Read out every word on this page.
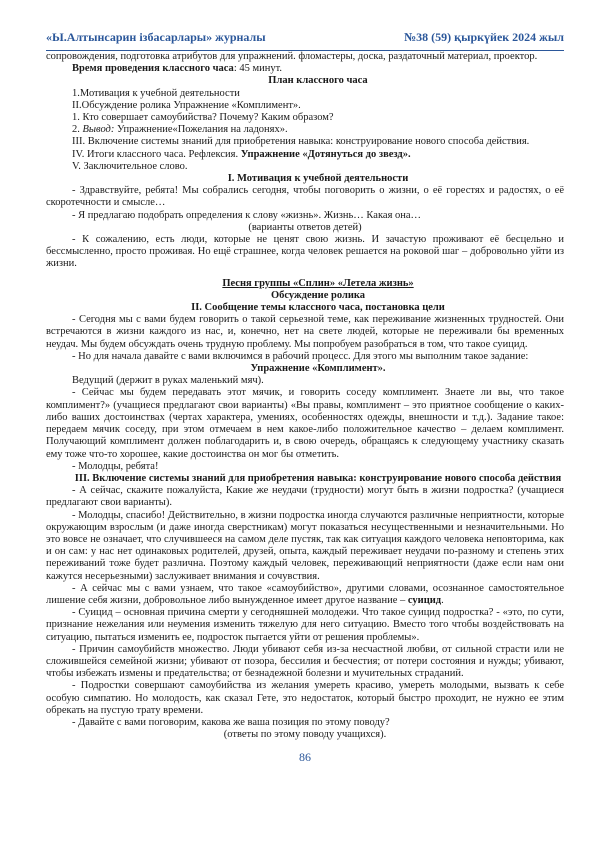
«Ы.Алтынсарин ізбасарлары» журналы	№38 (59) қыркүйек 2024 жыл

сопровождения, подготовка атрибутов для упражнений. фломастеры, доска, раздаточный материал, проектор.

Время проведения классного часа: 45 минут.

План классного часа

1.Мотивация к учебной деятельности

II.Обсуждение ролика Упражнение «Комплимент».

1. Кто совершает самоубийства? Почему? Каким образом?

2. Вывод: Упражнение«Пожелания на ладонях».

III. Включение системы знаний для приобретения навыка: конструирование нового способа действия.

IV. Итоги классного часа. Рефлексия. Упражнение «Дотянуться до звезд».

V. Заключительное слово.

I. Мотивация к учебной деятельности

- Здравствуйте, ребята! Мы собрались сегодня, чтобы поговорить о жизни, о её горестях и радостях, о её скоротечности и смысле…

- Я предлагаю подобрать определения к слову «жизнь». Жизнь… Какая она…

(варианты ответов детей)

- К сожалению, есть люди, которые не ценят свою жизнь. И зачастую проживают её бесцельно и бессмысленно, просто проживая. Но ещё страшнее, когда человек решается на роковой шаг – добровольно уйти из жизни.

Песня группы «Сплин» «Летела жизнь»

Обсуждение ролика

II. Сообщение темы классного часа, постановка цели

- Сегодня мы с вами будем говорить о такой серьезной теме, как переживание жизненных трудностей. Они встречаются в жизни каждого из нас, и, конечно, нет на свете людей, которые не переживали бы временных неудач. Мы будем обсуждать очень трудную проблему. Мы попробуем разобраться в том, что такое суицид.

- Но для начала давайте с вами включимся в рабочий процесс. Для этого мы выполним такое задание:

Упражнение «Комплимент».

Ведущий (держит в руках маленький мяч).

- Сейчас мы будем передавать этот мячик, и говорить соседу комплимент. Знаете ли вы, что такое комплимент?» (учащиеся предлагают свои варианты) «Вы правы, комплимент – это приятное сообщение о каких-либо ваших достоинствах (чертах характера, умениях, особенностях одежды, внешности и т.д.). Задание такое: передаем мячик соседу, при этом отмечаем в нем какое-либо положительное качество – делаем комплимент. Получающий комплимент должен поблагодарить и, в свою очередь, обращаясь к следующему участнику сказать ему тоже что-то хорошее, какие достоинства он мог бы отметить.

- Молодцы, ребята!

III. Включение системы знаний для приобретения навыка: конструирование нового способа действия

- А сейчас, скажите пожалуйста, Какие же неудачи (трудности) могут быть в жизни подростка? (учащиеся предлагают свои варианты).

- Молодцы, спасибо! Действительно, в жизни подростка иногда случаются различные неприятности, которые окружающим взрослым (и даже иногда сверстникам) могут показаться несущественными и незначительными. Но это вовсе не означает, что случившееся на самом деле пустяк, так как ситуация каждого человека неповторима, как и он сам: у нас нет одинаковых родителей, друзей, опыта, каждый переживает неудачи по-разному и степень этих переживаний тоже будет различна. Поэтому каждый человек, переживающий неприятности (даже если нам они кажутся несерьезными) заслуживает внимания и сочувствия.

- А сейчас мы с вами узнаем, что такое «самоубийство», другими словами, осознанное самостоятельное лишение себя жизни, добровольное либо вынужденное имеет другое название – суицид.

- Суицид – основная причина смерти у сегодняшней молодежи. Что такое суицид подростка? - «это, по сути, признание нежелания или неумения изменить тяжелую для него ситуацию. Вместо того чтобы воздействовать на ситуацию, пытаться изменить ее, подросток пытается уйти от решения проблемы».

- Причин самоубийств множество. Люди убивают себя из-за несчастной любви, от сильной страсти или не сложившейся семейной жизни; убивают от позора, бессилия и бесчестия; от потери состояния и нужды; убивают, чтобы избежать измены и предательства; от безнадежной болезни и мучительных страданий.

- Подростки совершают самоубийства из желания умереть красиво, умереть молодыми, вызвать к себе особую симпатию. Но молодость, как сказал Гете, это недостаток, который быстро проходит, не нужно ее этим обрекать на пустую трату времени.

- Давайте с вами поговорим, какова же ваша позиция по этому поводу?

(ответы по этому поводу учащихся).

86
